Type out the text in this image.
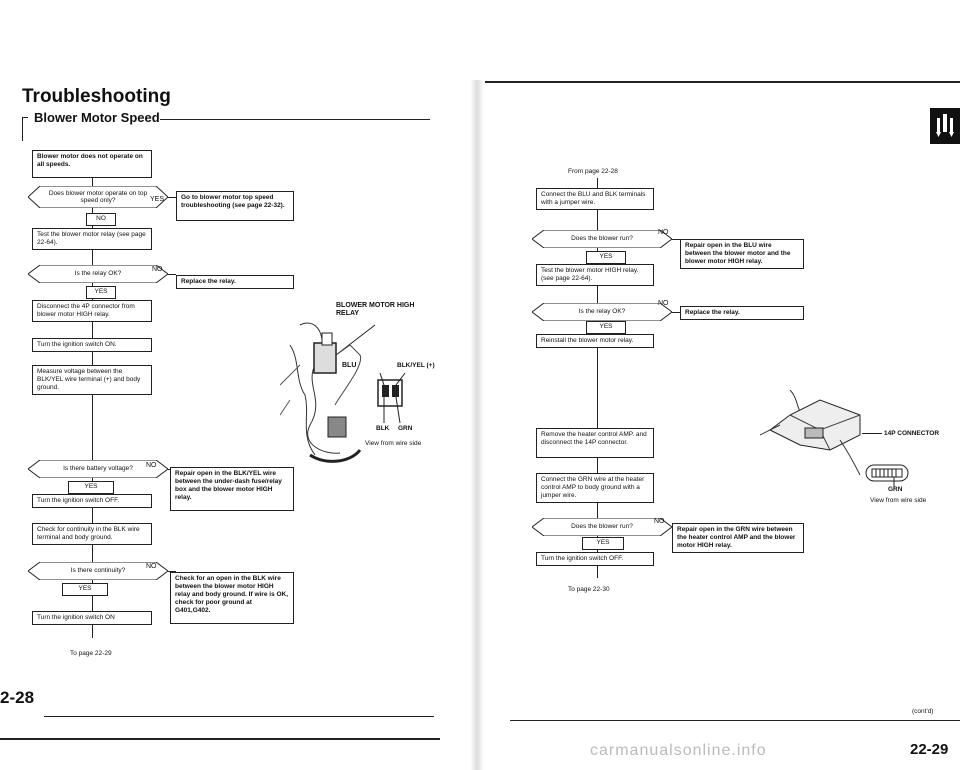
Troubleshooting
Blower Motor Speed
Blower motor does not operate on all speeds.
Does blower motor operate on top speed only?	YES	Go to blower motor top speed troubleshooting (see page 22-32).
NO
Test the blower motor relay (see page 22-64).
Is the relay OK?
NO
Replace the relay.
YES
Disconnect the 4P connector from blower motor HIGH relay.
Turn the ignition switch ON.
Measure voltage between the BLK/YEL wire terminal (+) and body ground.
Is there battery voltage?	NO
Repair open in the BLK/YEL wire between the under-dash fuse/relay box and the blower motor HIGH relay.
YES
Turn the ignition switch OFF.
Check for continuity in the BLK wire terminal and body ground.
Is there continuity?
NO
Check for an open in the BLK wire between the blower motor HIGH relay and body ground. If wire is OK, check for poor ground at G401,G402.
YES
Turn the ignition switch ON
To page 22-29
2-28
BLOWER MOTOR HIGH RELAY
BLU	BLK/YEL (+)
BLK GRN
View from wire side
From page 22-28
Connect the BLU and BLK terminals with a jumper wire.
Does the blower run?
NO
Repair open in the BLU wire between the blower motor and the blower motor HIGH relay.
YES
Test the blower motor HIGH relay. (see page 22-64).
Is the relay OK?
NO
Replace the relay.
YES
Reinstall the blower motor relay.
Remove the heater control AMP. and disconnect the 14P connector.
Connect the GRN wire at the heater control AMP to body ground with a jumper wire.
Does the blower run?
NO
Repair open in the GRN wire between the heater control AMP and the blower motor HIGH relay.
YES
Turn the ignition switch OFF.
To page 22-30
14P CONNECTOR
GRN
View from wire side
(cont'd)
22-29
carmanualsonline.info
